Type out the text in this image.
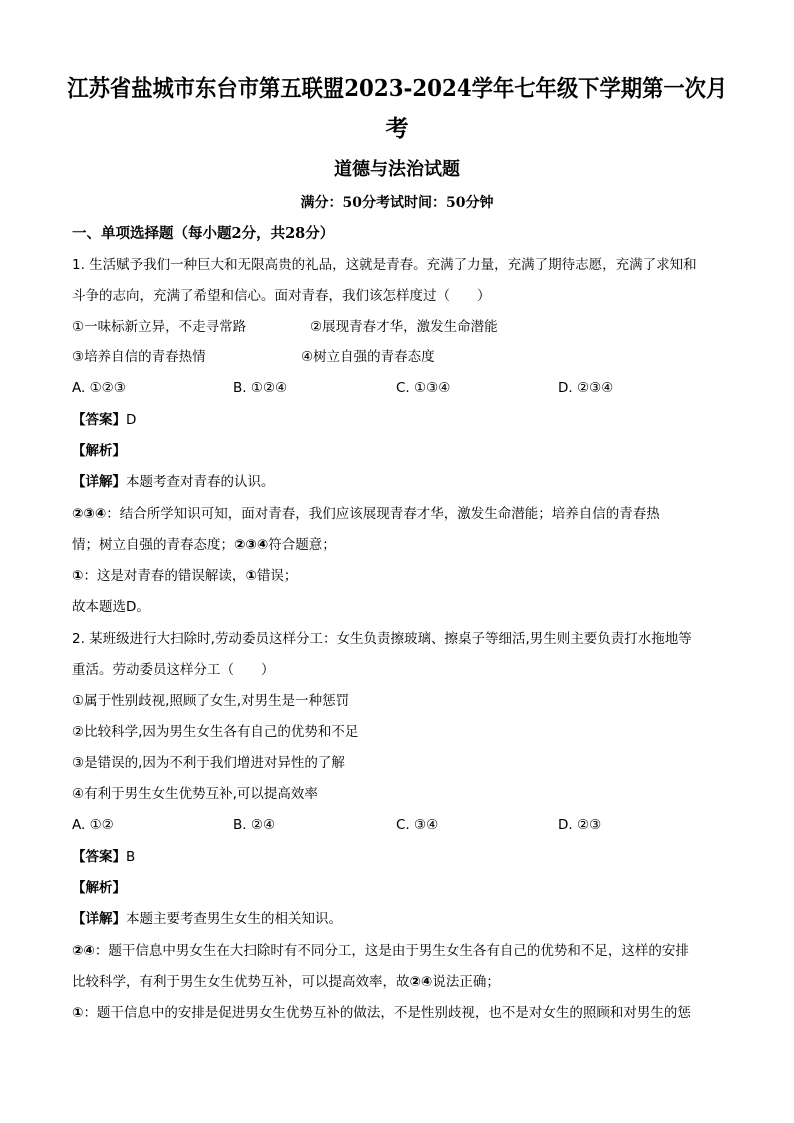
江苏省盐城市东台市第五联盟2023-2024学年七年级下学期第一次月
考
道德与法治试题
满分：50分考试时间：50分钟
一、单项选择题（每小题2分，共28分）
1. 生活赋予我们一种巨大和无限高贵的礼品，这就是青春。充满了力量，充满了期待志愿，充满了求知和
斗争的志向，充满了希望和信心。面对青春，我们该怎样度过（　　）
①一味标新立异，不走寻常路	②展现青春才华，激发生命潜能
③培养自信的青春热情	④树立自强的青春态度
A. ①②③	B. ①②④	C. ①③④	D. ②③④
【答案】D
【解析】
【详解】本题考查对青春的认识。
②③④：结合所学知识可知，面对青春，我们应该展现青春才华，激发生命潜能；培养自信的青春热
情；树立自强的青春态度；②③④符合题意；
①：这是对青春的错误解读，①错误；
故本题选D。
2. 某班级进行大扫除时,劳动委员这样分工：女生负责擦玻璃、擦桌子等细活,男生则主要负责打水拖地等
重活。劳动委员这样分工（　　）
①属于性别歧视,照顾了女生,对男生是一种惩罚
②比较科学,因为男生女生各有自己的优势和不足
③是错误的,因为不利于我们增进对异性的了解
④有利于男生女生优势互补,可以提高效率
A. ①②	B. ②④	C. ③④	D. ②③
【答案】B
【解析】
【详解】本题主要考查男生女生的相关知识。
②④：题干信息中男女生在大扫除时有不同分工，这是由于男生女生各有自己的优势和不足，这样的安排
比较科学，有利于男生女生优势互补，可以提高效率，故②④说法正确；
①：题干信息中的安排是促进男女生优势互补的做法，不是性别歧视，也不是对女生的照顾和对男生的惩
